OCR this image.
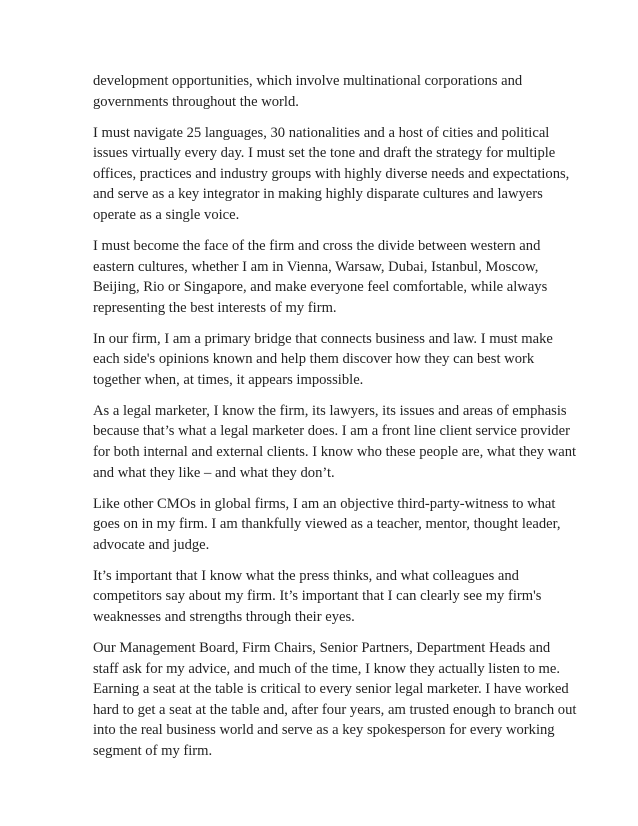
development opportunities, which involve multinational corporations and
governments throughout the world.

I must navigate 25 languages, 30 nationalities and a host of cities and political
issues virtually every day. I must set the tone and draft the strategy for multiple
offices, practices and industry groups with highly diverse needs and expectations,
and serve as a key integrator in making highly disparate cultures and lawyers
operate as a single voice.

I must become the face of the firm and cross the divide between western and
eastern cultures, whether I am in Vienna, Warsaw, Dubai, Istanbul, Moscow,
Beijing, Rio or Singapore, and make everyone feel comfortable, while always
representing the best interests of my firm.

In our firm, I am a primary bridge that connects business and law. I must make
each side's opinions known and help them discover how they can best work
together when, at times, it appears impossible.

As a legal marketer, I know the firm, its lawyers, its issues and areas of emphasis
because that’s what a legal marketer does. I am a front line client service provider
for both internal and external clients. I know who these people are, what they want
and what they like – and what they don’t.

Like other CMOs in global firms, I am an objective third-party-witness to what
goes on in my firm. I am thankfully viewed as a teacher, mentor, thought leader,
advocate and judge.

It’s important that I know what the press thinks, and what colleagues and
competitors say about my firm. It’s important that I can clearly see my firm's
weaknesses and strengths through their eyes.

Our Management Board, Firm Chairs, Senior Partners, Department Heads and
staff ask for my advice, and much of the time, I know they actually listen to me.
Earning a seat at the table is critical to every senior legal marketer. I have worked
hard to get a seat at the table and, after four years, am trusted enough to branch out
into the real business world and serve as a key spokesperson for every working
segment of my firm.
